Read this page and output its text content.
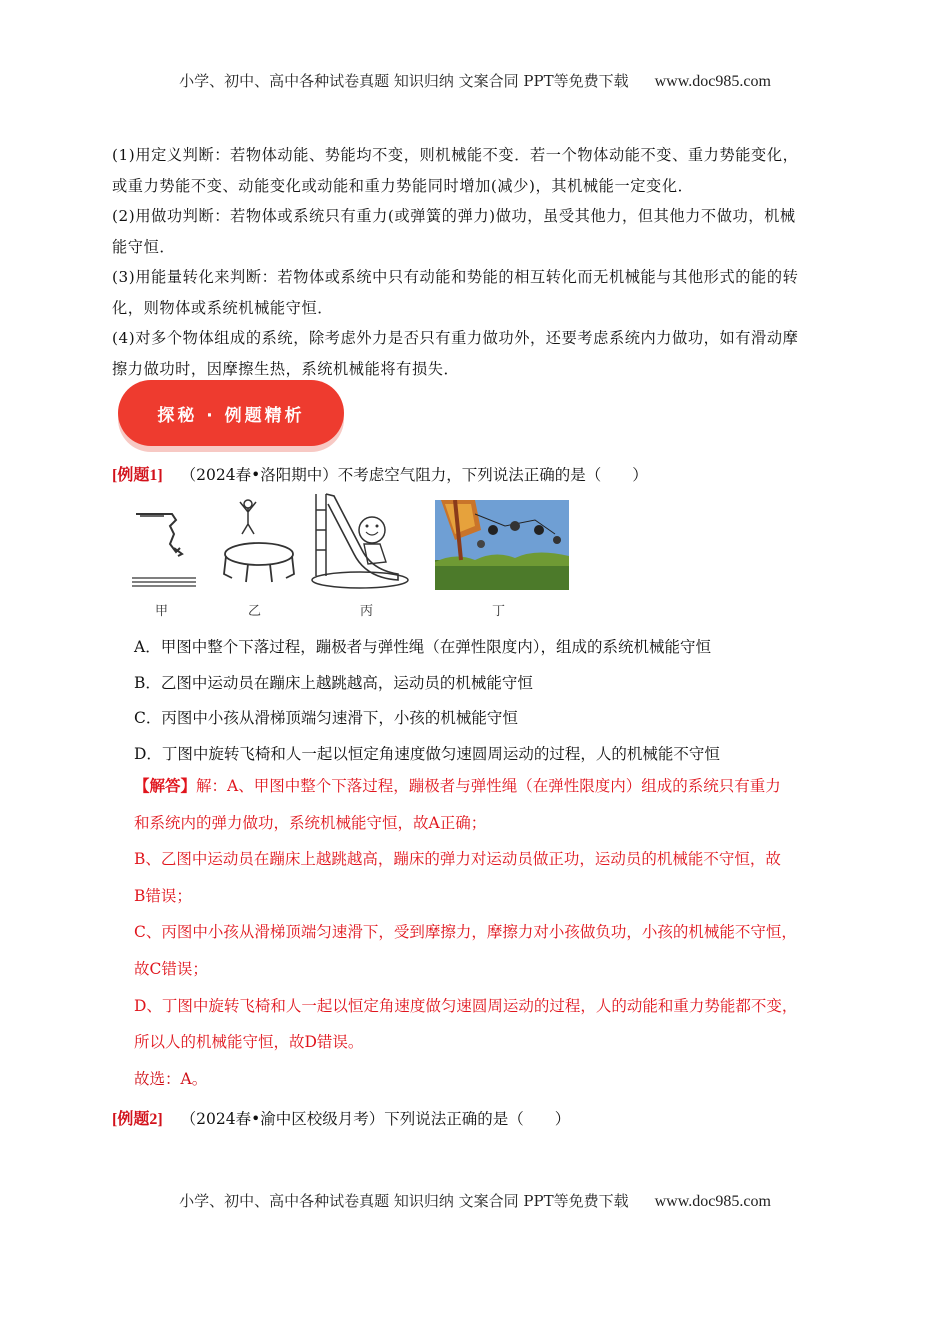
小学、初中、高中各种试卷真题 知识归纳 文案合同 PPT等免费下载 www.doc985.com

(1)用定义判断：若物体动能、势能均不变，则机械能不变．若一个物体动能不变、重力势能变化，

或重力势能不变、动能变化或动能和重力势能同时增加(减少)，其机械能一定变化．

(2)用做功判断：若物体或系统只有重力(或弹簧的弹力)做功，虽受其他力，但其他力不做功，机械

能守恒．

(3)用能量转化来判断：若物体或系统中只有动能和势能的相互转化而无机械能与其他形式的能的转

化，则物体或系统机械能守恒．

(4)对多个物体组成的系统，除考虑外力是否只有重力做功外，还要考虑系统内力做功，如有滑动摩

擦力做功时，因摩擦生热，系统机械能将有损失．

探秘 · 例题精析
[例题1] （2024春•洛阳期中）不考虑空气阻力，下列说法正确的是（　　）
甲	乙	丙	丁

A．甲图中整个下落过程，蹦极者与弹性绳（在弹性限度内），组成的系统机械能守恒

B．乙图中运动员在蹦床上越跳越高，运动员的机械能守恒

C．丙图中小孩从滑梯顶端匀速滑下，小孩的机械能守恒

D．丁图中旋转飞椅和人一起以恒定角速度做匀速圆周运动的过程，人的机械能不守恒

【解答】解：A、甲图中整个下落过程，蹦极者与弹性绳（在弹性限度内）组成的系统只有重力

和系统内的弹力做功，系统机械能守恒，故A正确；

B、乙图中运动员在蹦床上越跳越高，蹦床的弹力对运动员做正功，运动员的机械能不守恒，故

B错误；

C、丙图中小孩从滑梯顶端匀速滑下，受到摩擦力，摩擦力对小孩做负功，小孩的机械能不守恒，

故C错误；

D、丁图中旋转飞椅和人一起以恒定角速度做匀速圆周运动的过程，人的动能和重力势能都不变，

所以人的机械能守恒，故D错误。

故选：A。

[例题2] （2024春•渝中区校级月考）下列说法正确的是（　　）
小学、初中、高中各种试卷真题 知识归纳 文案合同 PPT等免费下载 www.doc985.com
